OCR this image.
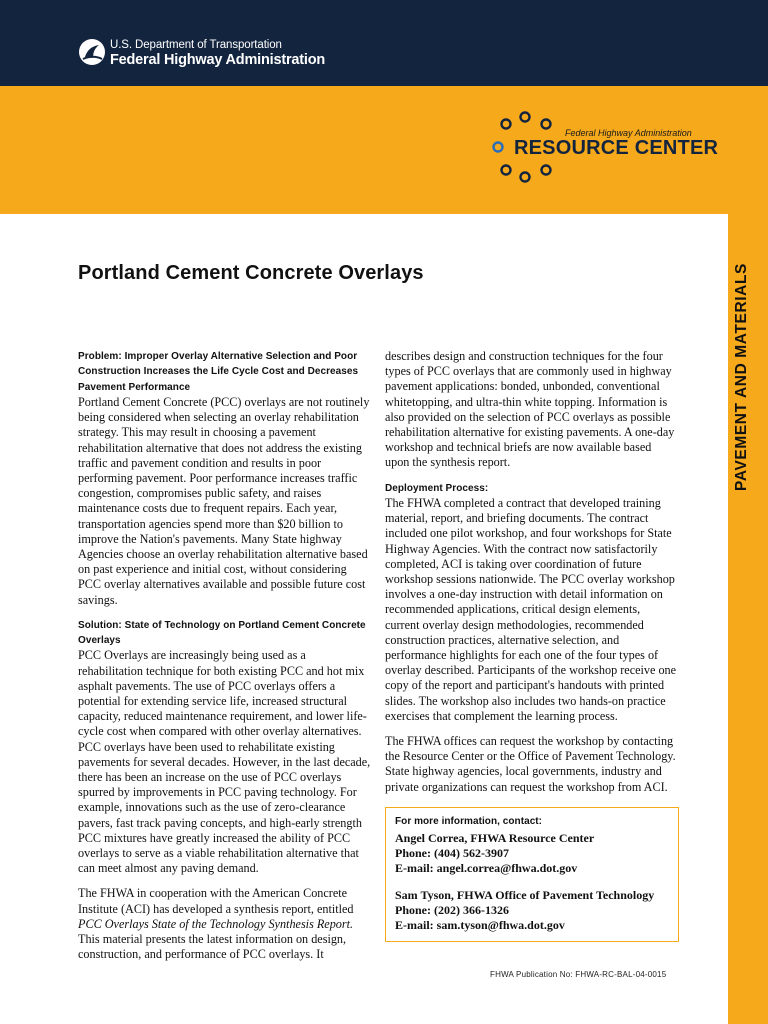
U.S. Department of Transportation
Federal Highway Administration
Federal Highway Administration
RESOURCE CENTER
PAVEMENT AND MATERIALS
Portland Cement Concrete Overlays
Problem: Improper Overlay Alternative Selection and Poor Construction Increases the Life Cycle Cost and Decreases Pavement Performance

Portland Cement Concrete (PCC) overlays are not routinely being considered when selecting an overlay rehabilitation strategy. This may result in choosing a pavement rehabilitation alternative that does not address the existing traffic and pavement condition and results in poor performing pavement. Poor performance increases traffic congestion, compromises public safety, and raises maintenance costs due to frequent repairs. Each year, transportation agencies spend more than $20 billion to improve the Nation's pavements. Many State highway Agencies choose an overlay rehabilitation alternative based on past experience and initial cost, without considering PCC overlay alternatives available and possible future cost savings.

Solution: State of Technology on Portland Cement Concrete Overlays

PCC Overlays are increasingly being used as a rehabilitation technique for both existing PCC and hot mix asphalt pavements. The use of PCC overlays offers a potential for extending service life, increased structural capacity, reduced maintenance requirement, and lower life-cycle cost when compared with other overlay alternatives. PCC overlays have been used to rehabilitate existing pavements for several decades. However, in the last decade, there has been an increase on the use of PCC overlays spurred by improvements in PCC paving technology. For example, innovations such as the use of zero-clearance pavers, fast track paving concepts, and high-early strength PCC mixtures have greatly increased the ability of PCC overlays to serve as a viable rehabilitation alternative that can meet almost any paving demand.

The FHWA in cooperation with the American Concrete Institute (ACI) has developed a synthesis report, entitled PCC Overlays State of the Technology Synthesis Report. This material presents the latest information on design, construction, and performance of PCC overlays. It

describes design and construction techniques for the four types of PCC overlays that are commonly used in highway pavement applications: bonded, unbonded, conventional whitetopping, and ultra-thin white topping. Information is also provided on the selection of PCC overlays as possible rehabilitation alternative for existing pavements. A one-day workshop and technical briefs are now available based upon the synthesis report.

Deployment Process:

The FHWA completed a contract that developed training material, report, and briefing documents. The contract included one pilot workshop, and four workshops for State Highway Agencies. With the contract now satisfactorily completed, ACI is taking over coordination of future workshop sessions nationwide. The PCC overlay workshop involves a one-day instruction with detail information on recommended applications, critical design elements, current overlay design methodologies, recommended construction practices, alternative selection, and performance highlights for each one of the four types of overlay described. Participants of the workshop receive one copy of the report and participant's handouts with printed slides. The workshop also includes two hands-on practice exercises that complement the learning process.

The FHWA offices can request the workshop by contacting the Resource Center or the Office of Pavement Technology. State highway agencies, local governments, industry and private organizations can request the workshop from ACI.

For more information, contact:
Angel Correa, FHWA Resource Center
Phone: (404) 562-3907
E-mail: angel.correa@fhwa.dot.gov
Sam Tyson, FHWA Office of Pavement Technology
Phone: (202) 366-1326
E-mail: sam.tyson@fhwa.dot.gov
FHWA Publication No: FHWA-RC-BAL-04-0015
